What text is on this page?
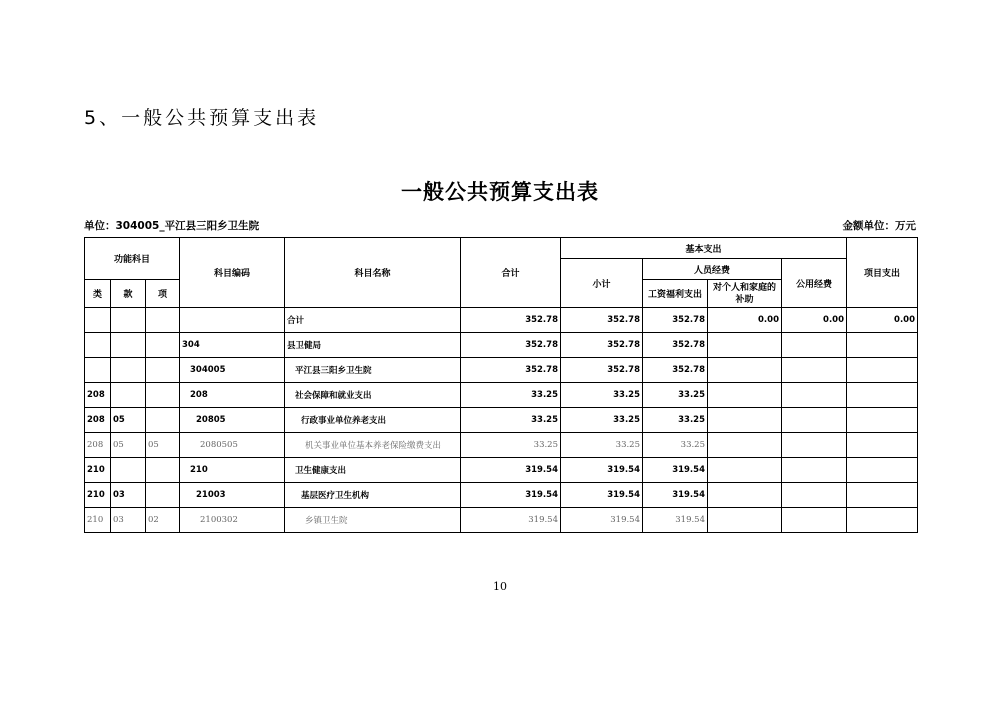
5、一般公共预算支出表
一般公共预算支出表
单位：304005_平江县三阳乡卫生院	金额单位：万元
功能科目			科目编码	科目名称	合计	基本支出				项目支出
						小计	人员经费		公用经费	
类	款	项					工资福利支出	对个人和家庭的补助		
				合计	352.78	352.78	352.78	0.00	0.00	0.00
			304	县卫健局	352.78	352.78	352.78			
			304005	平江县三阳乡卫生院	352.78	352.78	352.78			
208			208	社会保障和就业支出	33.25	33.25	33.25			
208	05		20805	行政事业单位养老支出	33.25	33.25	33.25			
208	05	05	2080505	机关事业单位基本养老保险缴费支出	33.25	33.25	33.25			
210			210	卫生健康支出	319.54	319.54	319.54			
210	03		21003	基层医疗卫生机构	319.54	319.54	319.54			
210	03	02	2100302	乡镇卫生院	319.54	319.54	319.54			
10
